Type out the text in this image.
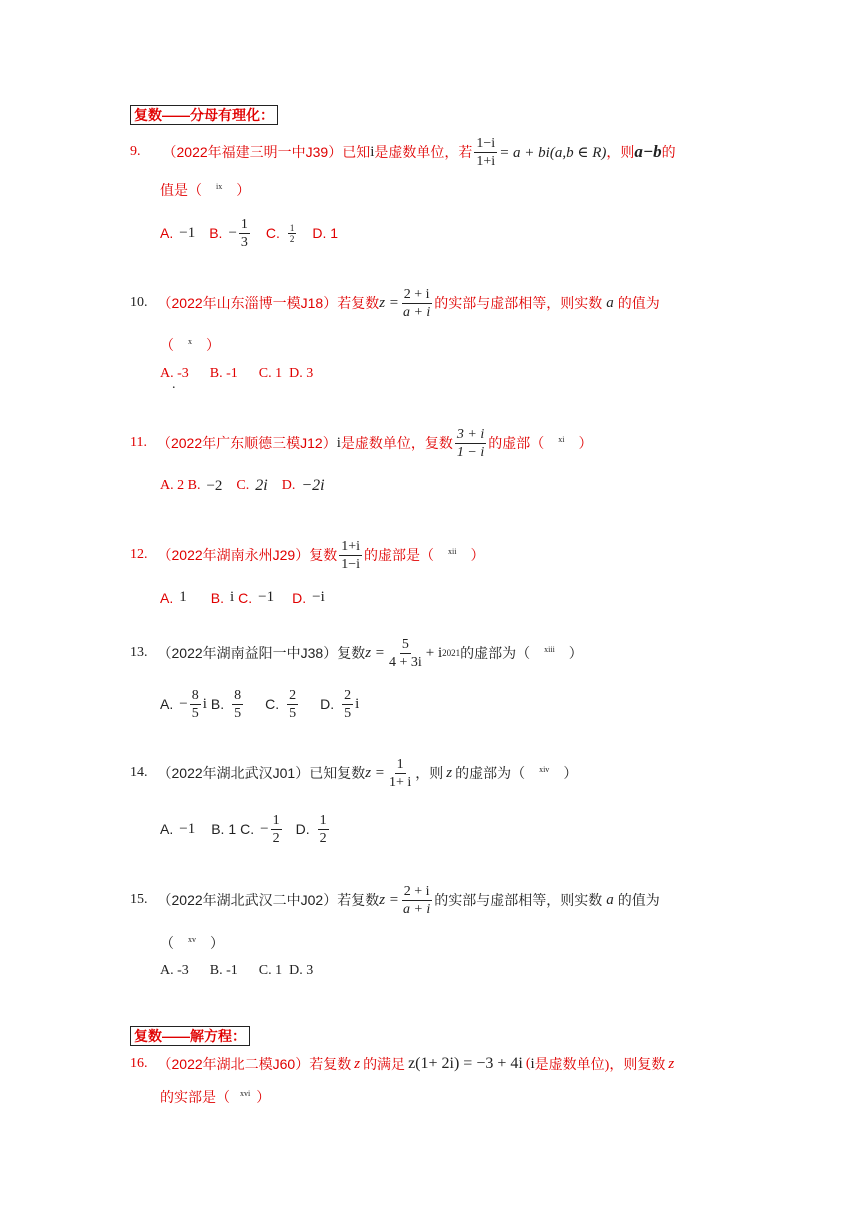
复数——分母有理化：
9. （2022年福建三明一中J39） 已知 i 是虚数单位，若 $\frac{1-i}{1+i} = a + bi(a,b$ ∈ R) ，则 a−b 的
值是（ ix ）
A. −1 B. − $\frac{1}{3} C$. $\frac{1}{2} D$. 1
10. （2022年山东淄博一模J18） 若复数 $z = \frac{2 + i}{a + i}$ 的实部与虚部相等，则实数 a 的值为
（ x ）
A. -3      B. -1      C. 1  D. 3
.
11. （2022年广东顺德三模J12） i 是虚数单位，复数 $\frac{3 + i}{1 - i}$ 的虚部（ xi ）
A. 2 B. −2 C. 2i D. −2i
12. （2022年湖南永州J29） 复数 $\frac{1+i}{1-i}$ 的虚部是（ xii ）
A. 1 B. i C. −1 D. −i
13. （2022年湖南益阳一中J38） 复数 $z = \frac{5}{4 + 3i} + i$ 2021 的虚部为（ xiii ）
A. − $\frac{8}{5}$ i B. $\frac{8}{5} C$. $\frac{2}{5} D$. $\frac{2}{5}$ i
14. （2022年湖北武汉J01） 已知复数 $z = \frac{1}{1+ i}$ ，则 z 的虚部为（ xiv ）
A. −1 B. 1 C. − $\frac{1}{2} D$. $\frac{1}{2}$
15. （2022年湖北武汉二中J02） 若复数 $z = \frac{2 + i}{a + i}$ 的实部与虚部相等，则实数 a 的值为
（ xv ）
A. -3      B. -1      C. 1  D. 3
复数——解方程：
16. （2022年湖北二模J60） 若复数 z 的满足 z(1+ 2i) = −3 + 4i ( i 是虚数单位)，则复数 z
的实部是（ xvi ）
